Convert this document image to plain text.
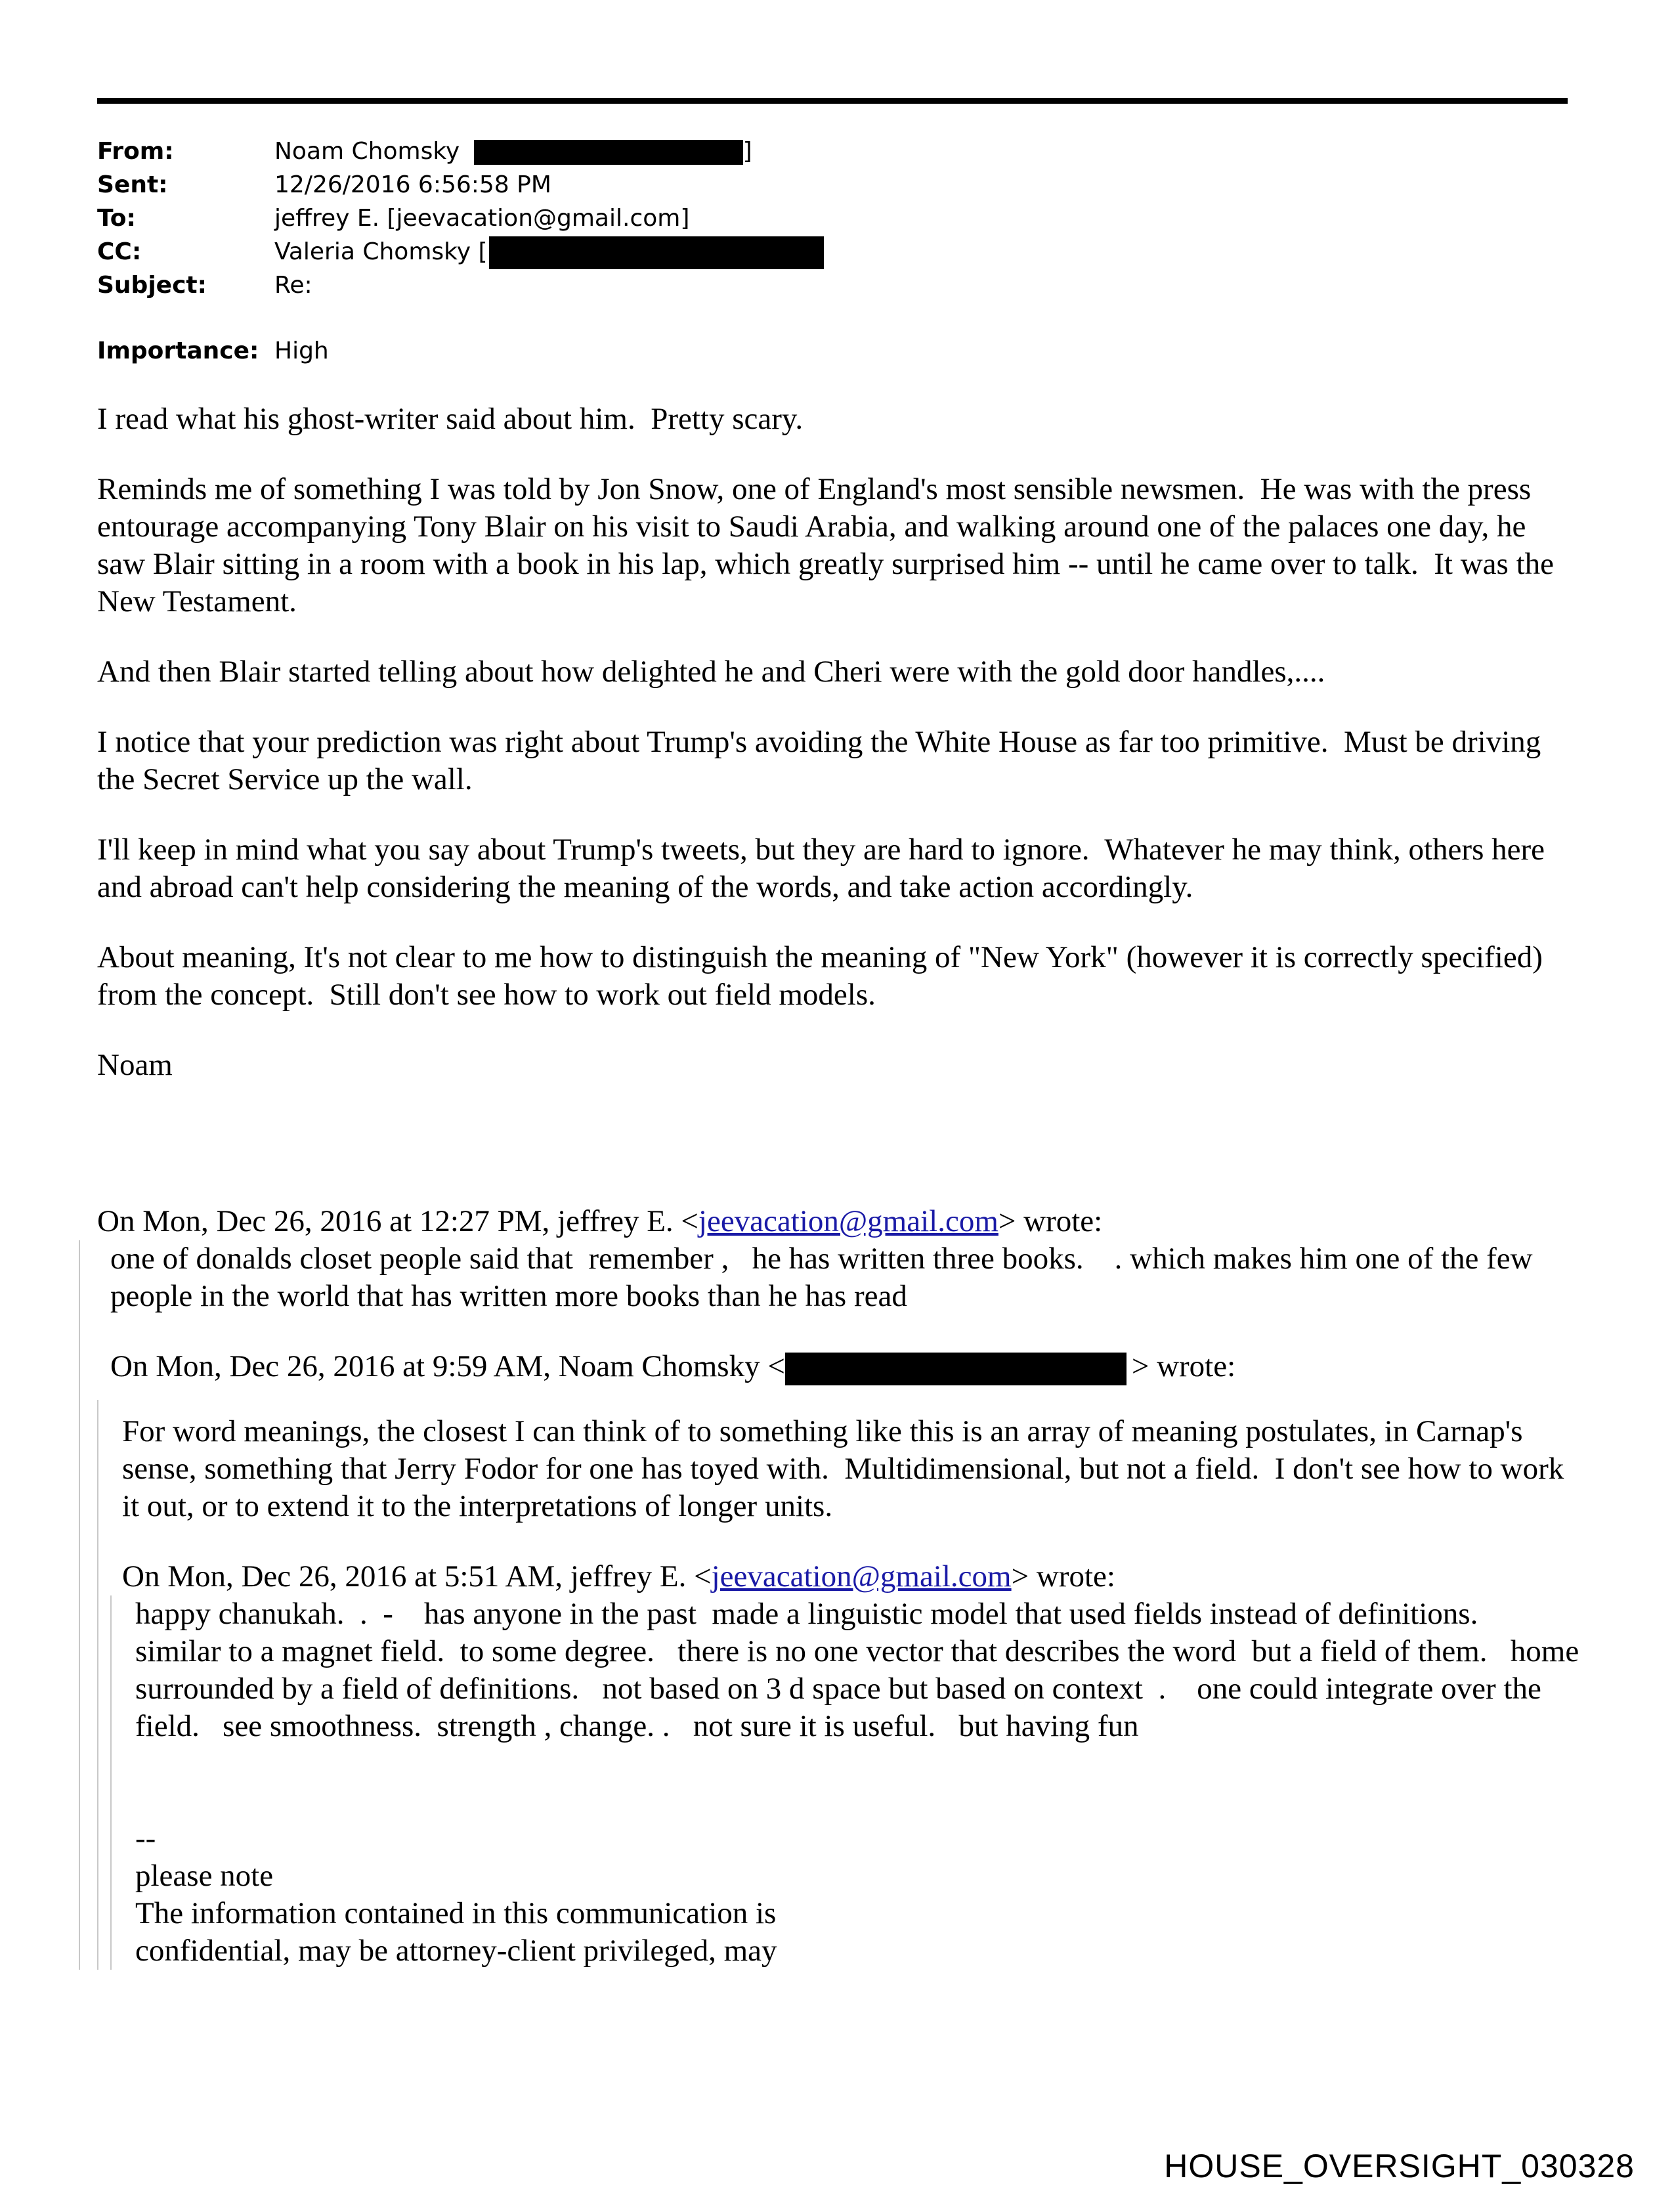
From:	Noam Chomsky	]
Sent:	12/26/2016 6:56:58 PM
To:	jeffrey E. [jeevacation@gmail.com]
CC:	Valeria Chomsky [
Subject:	Re:
Importance: High

I read what his ghost-writer said about him.  Pretty scary.

Reminds me of something I was told by Jon Snow, one of England's most sensible newsmen.  He was with the press entourage accompanying Tony Blair on his visit to Saudi Arabia, and walking around one of the palaces one day, he saw Blair sitting in a room with a book in his lap, which greatly surprised him -- until he came over to talk.  It was the New Testament.

And then Blair started telling about how delighted he and Cheri were with the gold door handles,....

I notice that your prediction was right about Trump's avoiding the White House as far too primitive.  Must be driving the Secret Service up the wall.

I'll keep in mind what you say about Trump's tweets, but they are hard to ignore.  Whatever he may think, others here and abroad can't help considering the meaning of the words, and take action accordingly.

About meaning, It's not clear to me how to distinguish the meaning of "New York" (however it is correctly specified) from the concept.  Still don't see how to work out field models.

Noam

On Mon, Dec 26, 2016 at 12:27 PM, jeffrey E. <jeevacation@gmail.com> wrote:

one of donalds closet people said that  remember ,   he has written three books.    . which makes him one of the few people in the world that has written more books than he has read

On Mon, Dec 26, 2016 at 9:59 AM, Noam Chomsky <	> wrote:

For word meanings, the closest I can think of to something like this is an array of meaning postulates, in Carnap's sense, something that Jerry Fodor for one has toyed with.  Multidimensional, but not a field.  I don't see how to work it out, or to extend it to the interpretations of longer units.

On Mon, Dec 26, 2016 at 5:51 AM, jeffrey E. <jeevacation@gmail.com> wrote:

happy chanukah.  .  -    has anyone in the past  made a linguistic model that used fields instead of definitions.     similar to a magnet field.  to some degree.   there is no one vector that describes the word  but a field of them.   home surrounded by a field of definitions.   not based on 3 d space but based on context  .    one could integrate over the field.   see smoothness.  strength , change. .   not sure it is useful.   but having fun

--

please note

The information contained in this communication is

confidential, may be attorney-client privileged, may

HOUSE_OVERSIGHT_030328
